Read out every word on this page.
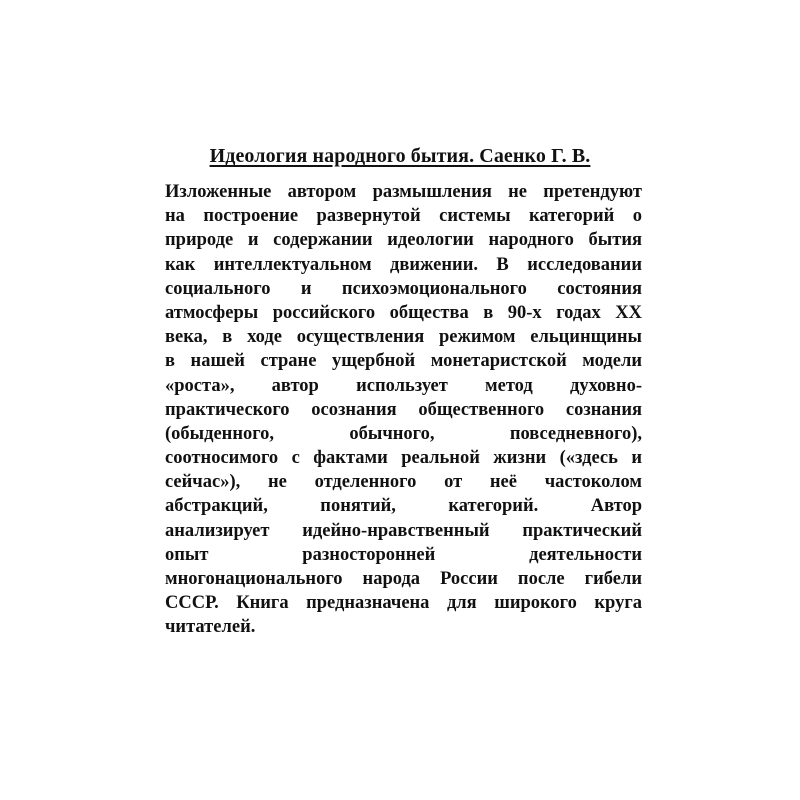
Идеология народного бытия. Саенко Г. В.
Изложенные автором размышления не претендуют
на построение развернутой системы категорий о
природе и содержании идеологии народного бытия
как интеллектуальном движении. В исследовании
социального и психоэмоционального состояния
атмосферы российского общества в 90-х годах XX
века, в ходе осуществления режимом ельцинщины
в нашей стране ущербной монетаристской модели
«роста», автор использует метод духовно-
практического осознания общественного сознания
(обыденного, обычного, повседневного),
соотносимого с фактами реальной жизни («здесь и
сейчас»), не отделенного от неё частоколом
абстракций, понятий, категорий. Автор
анализирует идейно-нравственный практический
опыт разносторонней деятельности
многонационального народа России после гибели
СССР. Книга предназначена для широкого круга
читателей.
